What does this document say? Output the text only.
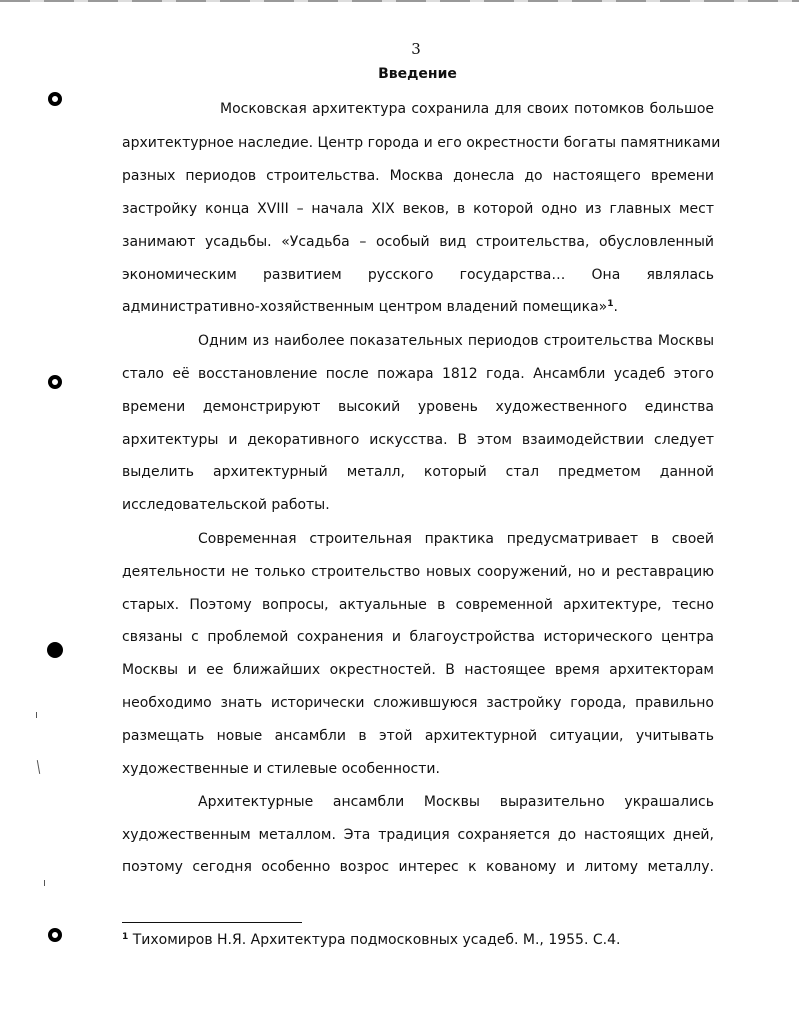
3
Введение
Московская архитектура сохранила для своих потомков большое
архитектурное наследие. Центр города и его окрестности богаты памятниками
разных периодов строительства. Москва донесла до настоящего времени
застройку конца XVIII – начала XIX веков, в которой одно из главных мест
занимают усадьбы. «Усадьба – особый вид строительства, обусловленный
экономическим развитием русского государства… Она являлась
административно-хозяйственным центром владений помещика»$^1$.
Одним из наиболее показательных периодов строительства Москвы
стало её восстановление после пожара 1812 года. Ансамбли усадеб этого
времени демонстрируют высокий уровень художественного единства
архитектуры и декоративного искусства. В этом взаимодействии следует
выделить архитектурный металл, который стал предметом данной
исследовательской работы.
Современная строительная практика предусматривает в своей
деятельности не только строительство новых сооружений, но и реставрацию
старых. Поэтому вопросы, актуальные в современной архитектуре, тесно
связаны с проблемой сохранения и благоустройства исторического центра
Москвы и ее ближайших окрестностей. В настоящее время архитекторам
необходимо знать исторически сложившуюся застройку города, правильно
размещать новые ансамбли в этой архитектурной ситуации, учитывать
художественные и стилевые особенности.
Архитектурные ансамбли Москвы выразительно украшались
художественным металлом. Эта традиция сохраняется до настоящих дней,
поэтому сегодня особенно возрос интерес к кованому и литому металлу.
$^1$ Тихомиров Н.Я. Архитектура подмосковных усадеб. М., 1955. С.4.
